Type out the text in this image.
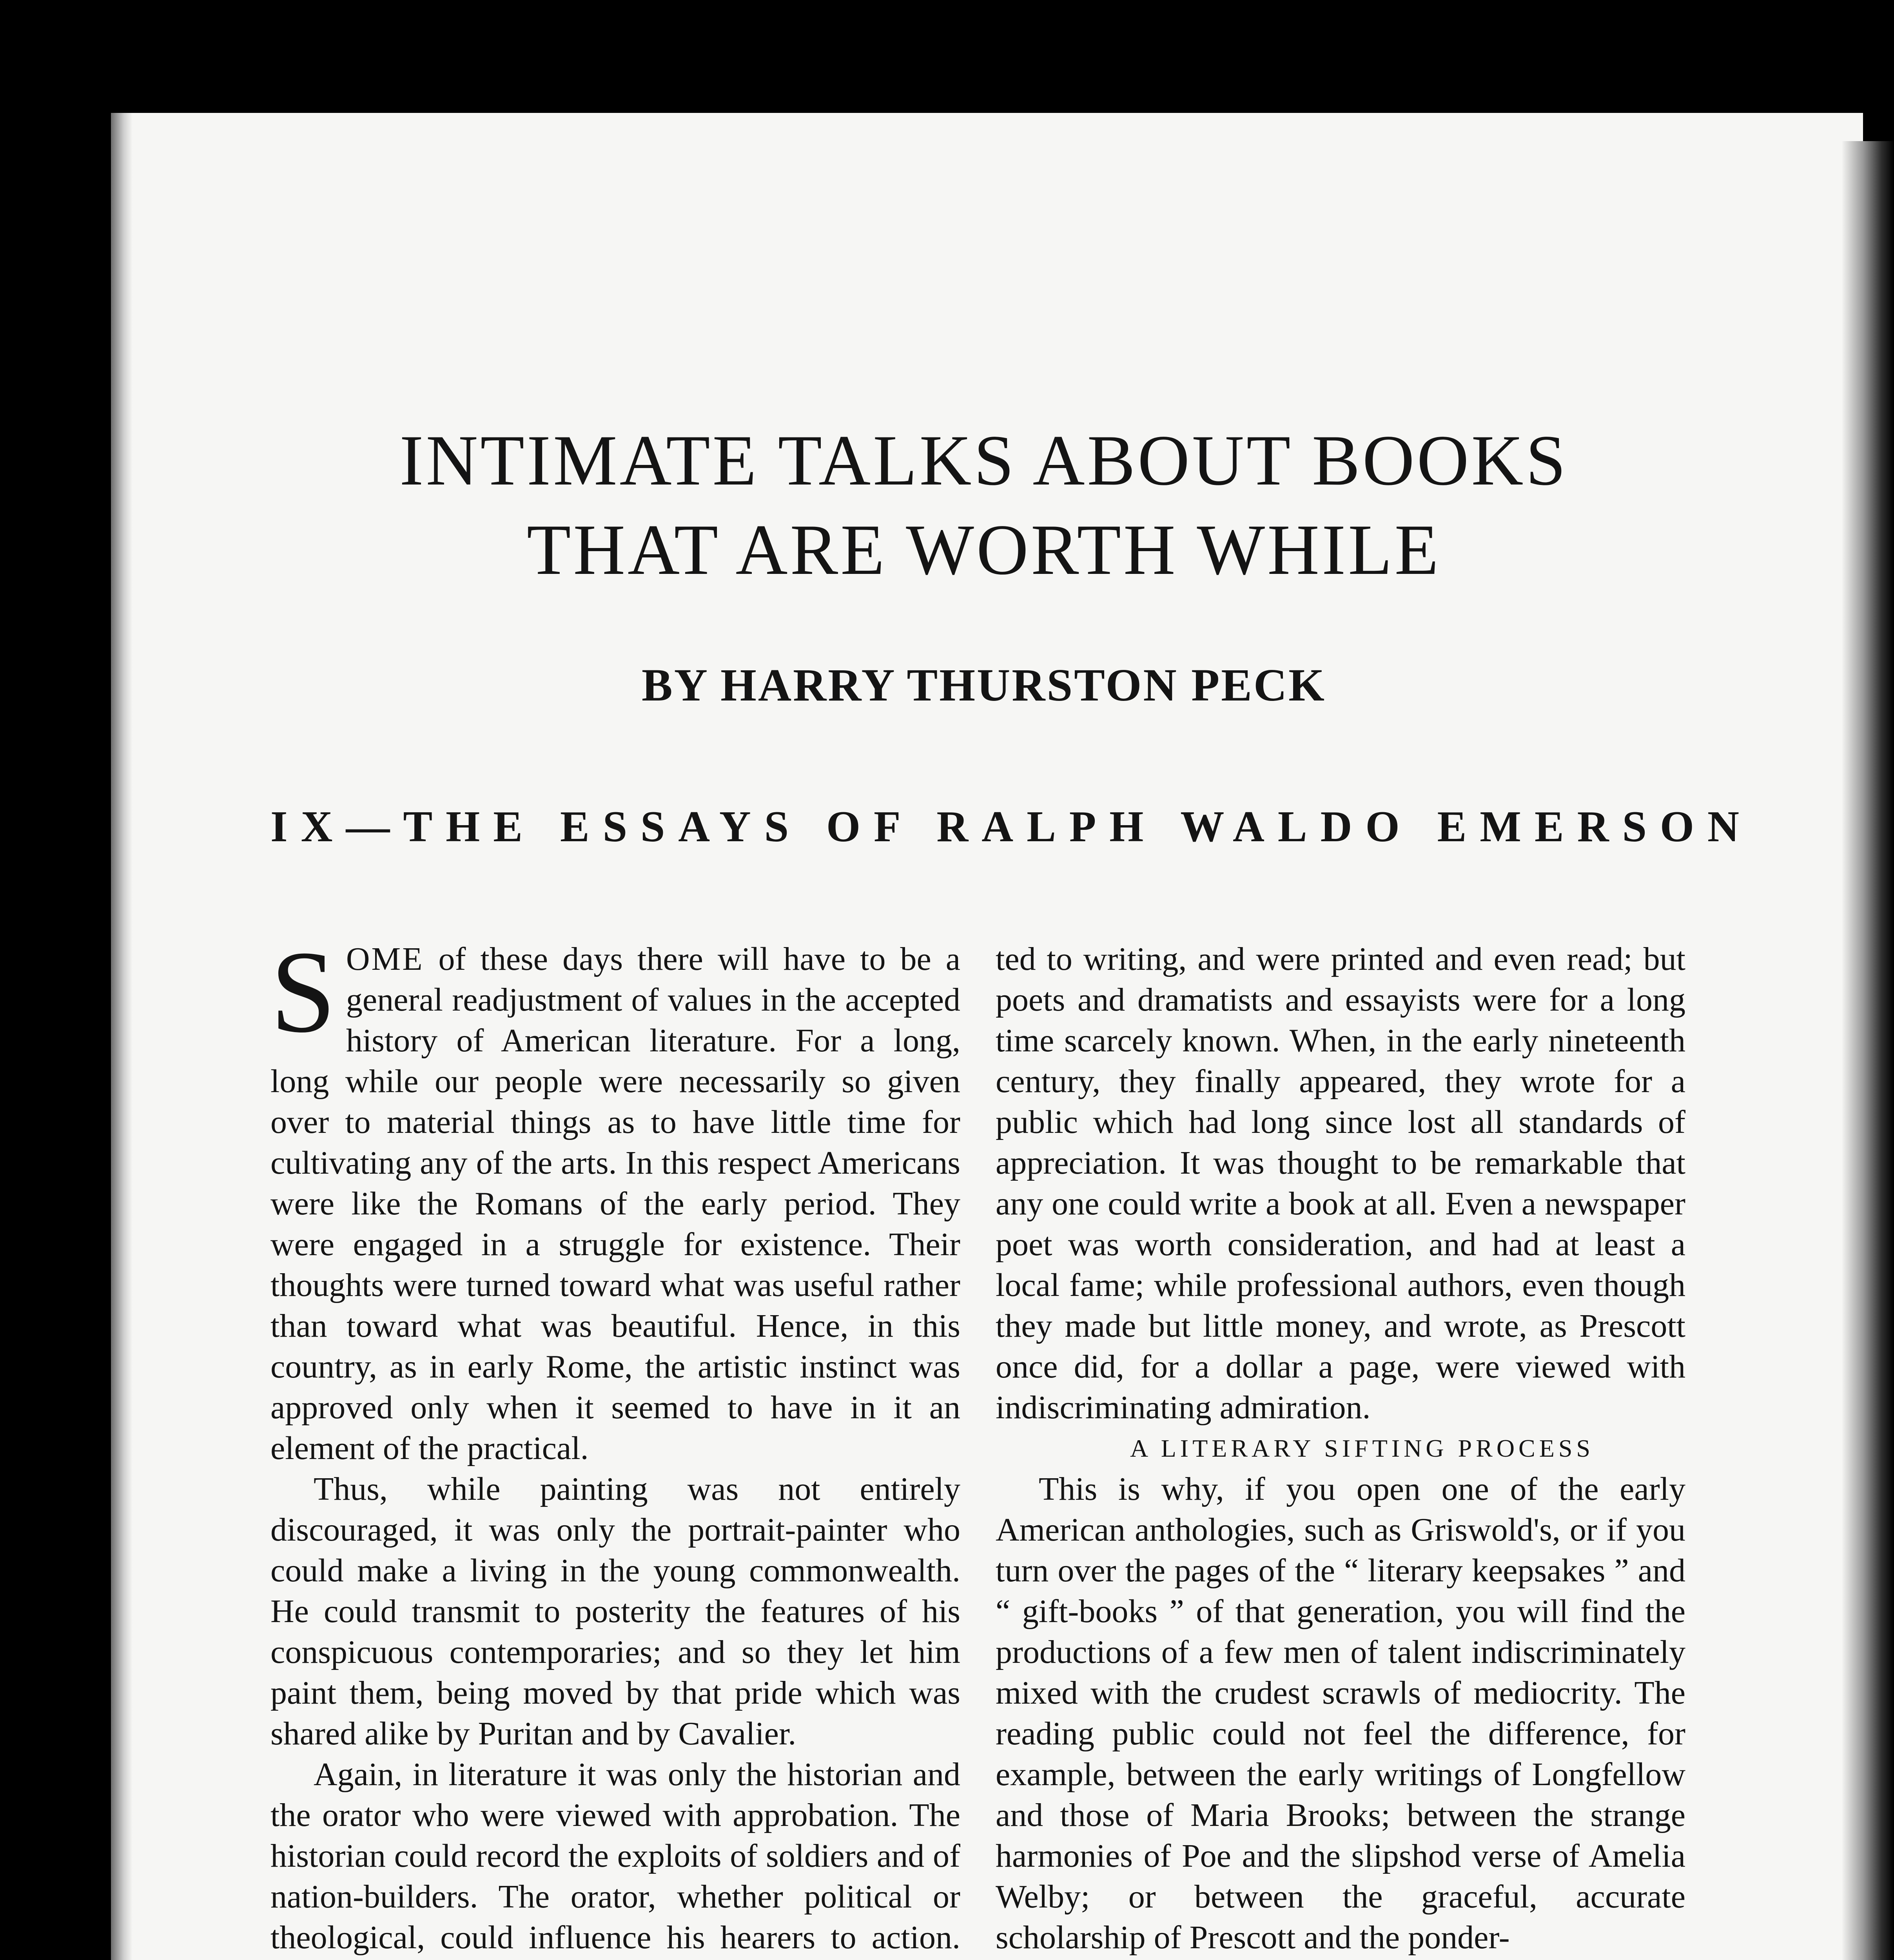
INTIMATE TALKS ABOUT BOOKS
THAT ARE WORTH WHILE
BY HARRY THURSTON PECK
IX—THE ESSAYS OF RALPH WALDO EMERSON

SOME of these days there will have to be a general readjustment of values in the accepted history of American literature. For a long, long while our people were necessarily so given over to material things as to have little time for cultivating any of the arts. In this respect Americans were like the Romans of the early period. They were engaged in a struggle for existence. Their thoughts were turned toward what was useful rather than toward what was beautiful. Hence, in this country, as in early Rome, the artistic instinct was approved only when it seemed to have in it an element of the practical.

Thus, while painting was not entirely discouraged, it was only the portrait-painter who could make a living in the young commonwealth. He could transmit to posterity the features of his conspicuous contemporaries; and so they let him paint them, being moved by that pride which was shared alike by Puritan and by Cavalier.

Again, in literature it was only the historian and the orator who were viewed with approbation. The historian could record the exploits of soldiers and of nation-builders. The orator, whether political or theological, could influence his hearers to action.

ted to writing, and were printed and even read; but poets and dramatists and essayists were for a long time scarcely known. When, in the early nineteenth century, they finally appeared, they wrote for a public which had long since lost all standards of appreciation. It was thought to be remarkable that any one could write a book at all. Even a newspaper poet was worth consideration, and had at least a local fame; while professional authors, even though they made but little money, and wrote, as Prescott once did, for a dollar a page, were viewed with indiscriminating admiration.

A LITERARY SIFTING PROCESS

This is why, if you open one of the early American anthologies, such as Griswold's, or if you turn over the pages of the “ literary keepsakes ” and “ gift-books ” of that generation, you will find the productions of a few men of talent indiscriminately mixed with the crudest scrawls of mediocrity. The reading public could not feel the difference, for example, between the early writings of Longfellow and those of Maria Brooks; between the strange harmonies of Poe and the slipshod verse of Amelia Welby; or between the graceful, accurate scholarship of Prescott and the ponder-
